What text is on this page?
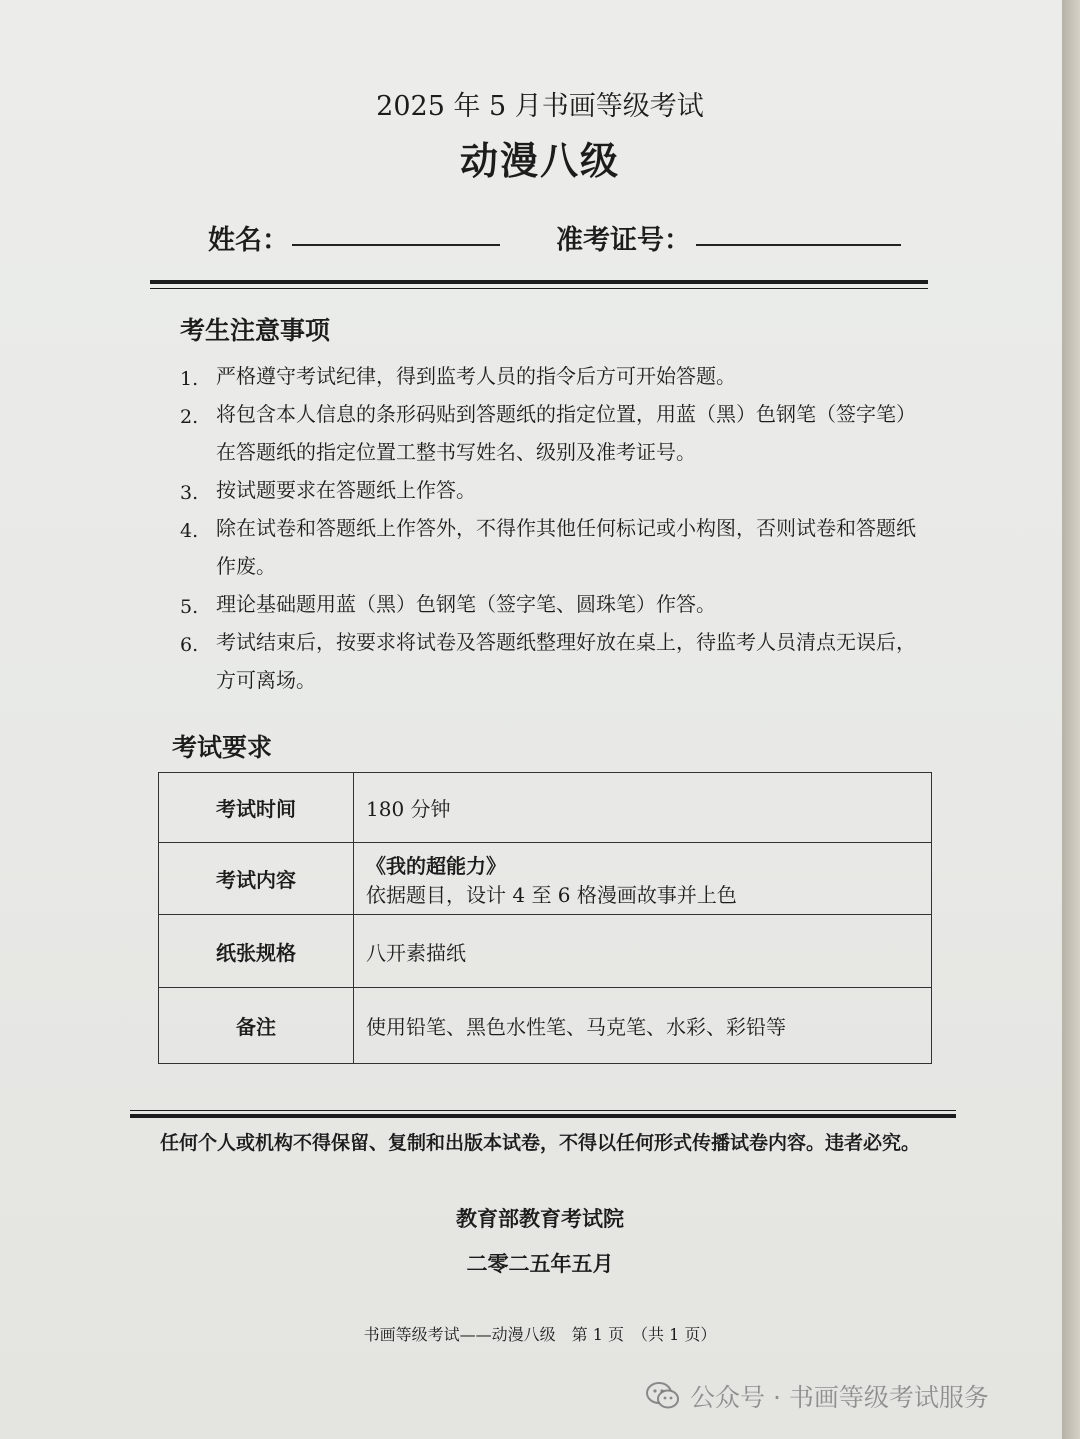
2025 年 5 月书画等级考试
动漫八级
姓名：	准考证号：
考生注意事项
1. 严格遵守考试纪律，得到监考人员的指令后方可开始答题。
2. 将包含本人信息的条形码贴到答题纸的指定位置，用蓝（黑）色钢笔（签字笔）在答题纸的指定位置工整书写姓名、级别及准考证号。
3. 按试题要求在答题纸上作答。
4. 除在试卷和答题纸上作答外，不得作其他任何标记或小构图，否则试卷和答题纸作废。
5. 理论基础题用蓝（黑）色钢笔（签字笔、圆珠笔）作答。
6. 考试结束后，按要求将试卷及答题纸整理好放在桌上，待监考人员清点无误后，方可离场。
考试要求
考试时间	180 分钟
考试内容	《我的超能力》
依据题目，设计 4 至 6 格漫画故事并上色

纸张规格	八开素描纸
备注	使用铅笔、黑色水性笔、马克笔、水彩、彩铅等
任何个人或机构不得保留、复制和出版本试卷，不得以任何形式传播试卷内容。违者必究。
教育部教育考试院
二零二五年五月
书画等级考试——动漫八级　第 1 页　（共 1 页）
公众号 · 书画等级考试服务
